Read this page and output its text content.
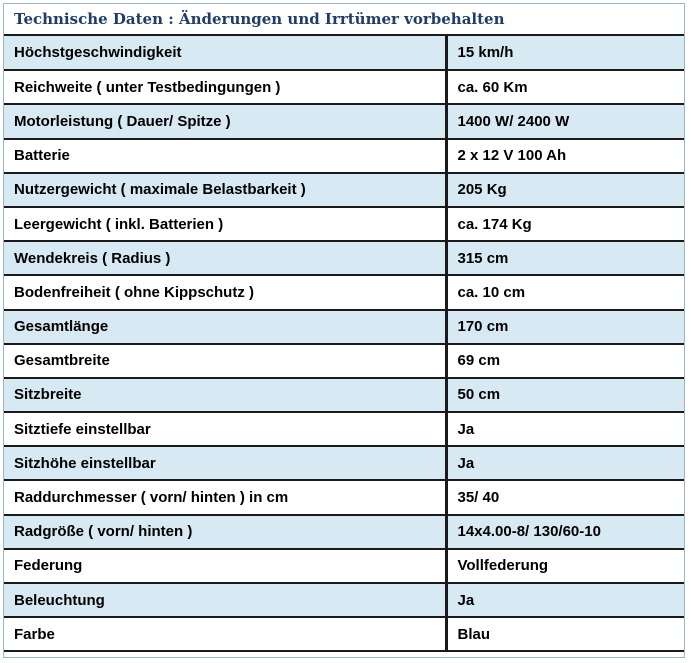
Technische Daten : Änderungen und Irrtümer vorbehalten
Höchstgeschwindigkeit	15 km/h
Reichweite ( unter Testbedingungen )	ca. 60 Km
Motorleistung ( Dauer/ Spitze )	1400 W/ 2400 W
Batterie	2 x 12 V 100 Ah
Nutzergewicht ( maximale Belastbarkeit )	205 Kg
Leergewicht ( inkl. Batterien )	ca. 174 Kg
Wendekreis ( Radius )	315 cm
Bodenfreiheit ( ohne Kippschutz )	ca. 10 cm
Gesamtlänge	170 cm
Gesamtbreite	69 cm
Sitzbreite	50 cm
Sitztiefe einstellbar	Ja
Sitzhöhe einstellbar	Ja
Raddurchmesser ( vorn/ hinten ) in cm	35/ 40
Radgröße ( vorn/ hinten )	14x4.00-8/ 130/60-10
Federung	Vollfederung
Beleuchtung	Ja
Farbe	Blau
